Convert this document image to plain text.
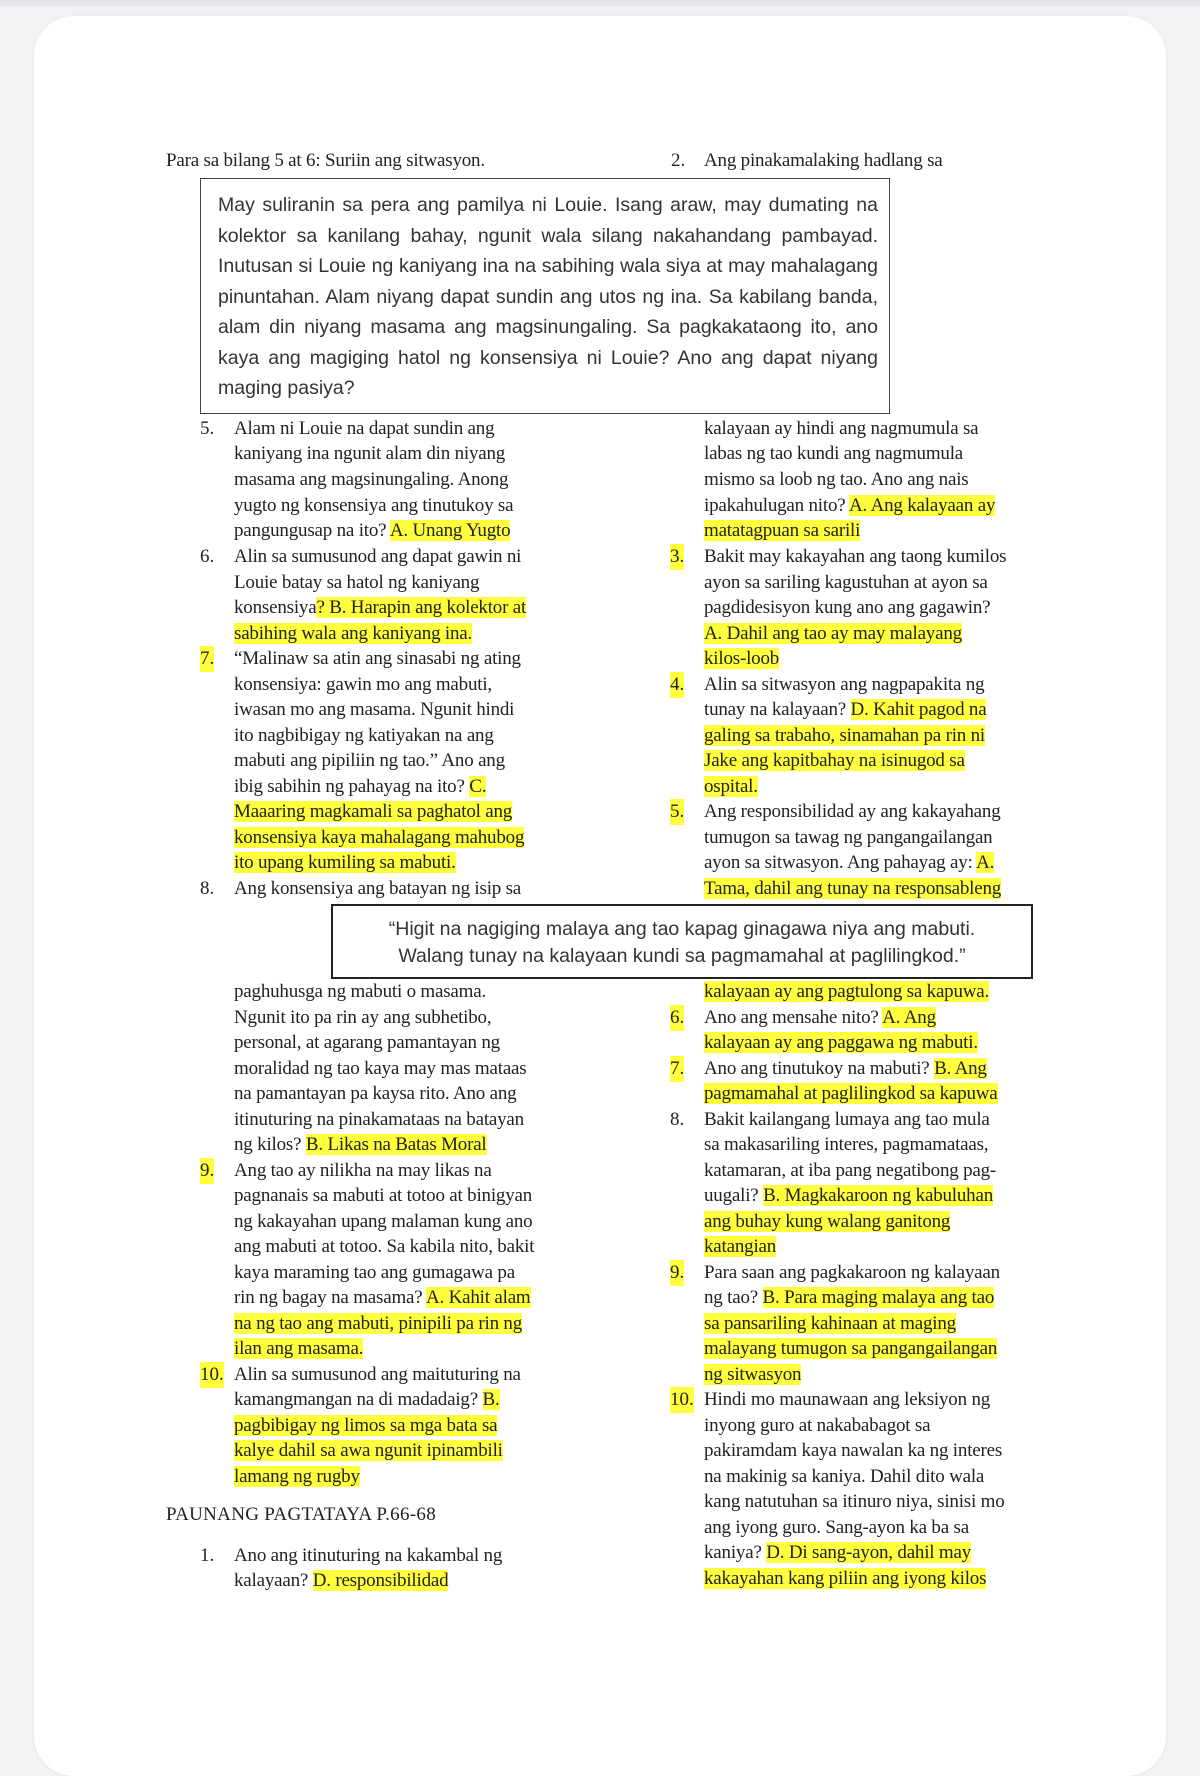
Para sa bilang 5 at 6: Suriin ang sitwasyon.	2. Ang pinakamalaking hadlang sa
May suliranin sa pera ang pamilya ni Louie. Isang araw, may dumating na kolektor sa kanilang bahay, ngunit wala silang nakahandang pambayad. Inutusan si Louie ng kaniyang ina na sabihing wala siya at may mahalagang pinuntahan. Alam niyang dapat sundin ang utos ng ina. Sa kabilang banda, alam din niyang masama ang magsinungaling. Sa pagkakataong ito, ano kaya ang magiging hatol ng konsensiya ni Louie? Ano ang dapat niyang maging pasiya?
5. Alam ni Louie na dapat sundin ang
kaniyang ina ngunit alam din niyang
masama ang magsinungaling. Anong
yugto ng konsensiya ang tinutukoy sa
pangungusap na ito? A. Unang Yugto
6. Alin sa sumusunod ang dapat gawin ni
Louie batay sa hatol ng kaniyang
konsensiya? B. Harapin ang kolektor at
sabihing wala ang kaniyang ina.
7. “Malinaw sa atin ang sinasabi ng ating
konsensiya: gawin mo ang mabuti,
iwasan mo ang masama. Ngunit hindi
ito nagbibigay ng katiyakan na ang
mabuti ang pipiliin ng tao.” Ano ang
ibig sabihin ng pahayag na ito? C.
Maaaring magkamali sa paghatol ang
konsensiya kaya mahalagang mahubog
ito upang kumiling sa mabuti.
8. Ang konsensiya ang batayan ng isip sa
kalayaan ay hindi ang nagmumula sa
labas ng tao kundi ang nagmumula
mismo sa loob ng tao. Ano ang nais
ipakahulugan nito? A. Ang kalayaan ay
matatagpuan sa sarili
3. Bakit may kakayahan ang taong kumilos
ayon sa sariling kagustuhan at ayon sa
pagdidesisyon kung ano ang gagawin?
A. Dahil ang tao ay may malayang
kilos-loob
4. Alin sa sitwasyon ang nagpapakita ng
tunay na kalayaan? D. Kahit pagod na
galing sa trabaho, sinamahan pa rin ni
Jake ang kapitbahay na isinugod sa
ospital.
5. Ang responsibilidad ay ang kakayahang
tumugon sa tawag ng pangangailangan
ayon sa sitwasyon. Ang pahayag ay: A.
Tama, dahil ang tunay na responsableng
“Higit na nagiging malaya ang tao kapag ginagawa niya ang mabuti.
Walang tunay na kalayaan kundi sa pagmamahal at paglilingkod.”
paghuhusga ng mabuti o masama.
Ngunit ito pa rin ay ang subhetibo,
personal, at agarang pamantayan ng
moralidad ng tao kaya may mas mataas
na pamantayan pa kaysa rito. Ano ang
itinuturing na pinakamataas na batayan
ng kilos? B. Likas na Batas Moral
9. Ang tao ay nilikha na may likas na
pagnanais sa mabuti at totoo at binigyan
ng kakayahan upang malaman kung ano
ang mabuti at totoo. Sa kabila nito, bakit
kaya maraming tao ang gumagawa pa
rin ng bagay na masama? A. Kahit alam
na ng tao ang mabuti, pinipili pa rin ng
ilan ang masama.
10. Alin sa sumusunod ang maituturing na
kamangmangan na di madadaig? B.
pagbibigay ng limos sa mga bata sa
kalye dahil sa awa ngunit ipinambili
lamang ng rugby
PAUNANG PAGTATAYA P.66-68
1. Ano ang itinuturing na kakambal ng
kalayaan? D. responsibilidad
kalayaan ay ang pagtulong sa kapuwa.
6. Ano ang mensahe nito? A. Ang
kalayaan ay ang paggawa ng mabuti.
7. Ano ang tinutukoy na mabuti? B. Ang
pagmamahal at paglilingkod sa kapuwa
8. Bakit kailangang lumaya ang tao mula
sa makasariling interes, pagmamataas,
katamaran, at iba pang negatibong pag-
uugali? B. Magkakaroon ng kabuluhan
ang buhay kung walang ganitong
katangian
9. Para saan ang pagkakaroon ng kalayaan
ng tao? B. Para maging malaya ang tao
sa pansariling kahinaan at maging
malayang tumugon sa pangangailangan
ng sitwasyon
10. Hindi mo maunawaan ang leksiyon ng
inyong guro at nakababagot sa
pakiramdam kaya nawalan ka ng interes
na makinig sa kaniya. Dahil dito wala
kang natutuhan sa itinuro niya, sinisi mo
ang iyong guro. Sang-ayon ka ba sa
kaniya? D. Di sang-ayon, dahil may
kakayahan kang piliin ang iyong kilos
